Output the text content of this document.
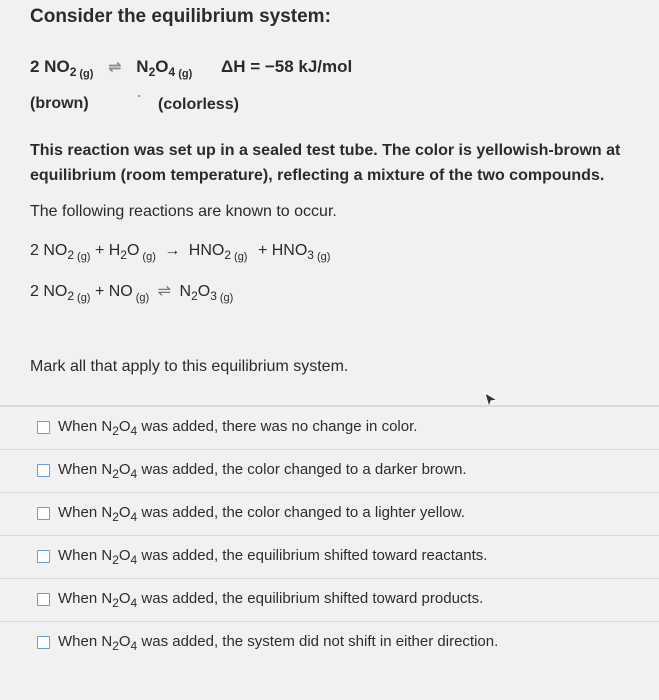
Consider the equilibrium system:
2 $NO_2$ $_{(g)}$ ⇌ $N_2O_4$ $_{(g)}$ ΔH = −58 kJ/mol
(brown)	(colorless)
This reaction was set up in a sealed test tube. The color is yellowish-brown at equilibrium (room temperature), reflecting a mixture of the two compounds.
The following reactions are known to occur.
2 $NO_2$ $_{(g)} + H_2O$ $_{(g)} \to HNO_2$ $_{(g)} + HNO_3$ $_{(g)}$
2 $NO_2$ $_{(g)}$ + NO $_{(g)}$ ⇌ $N_2O_3$ $_{(g)}$
Mark all that apply to this equilibrium system.
When $N_2O_4$ was added, there was no change in color.
When $N_2O_4$ was added, the color changed to a darker brown.
When $N_2O_4$ was added, the color changed to a lighter yellow.
When $N_2O_4$ was added, the equilibrium shifted toward reactants.
When $N_2O_4$ was added, the equilibrium shifted toward products.
When $N_2O_4$ was added, the system did not shift in either direction.
